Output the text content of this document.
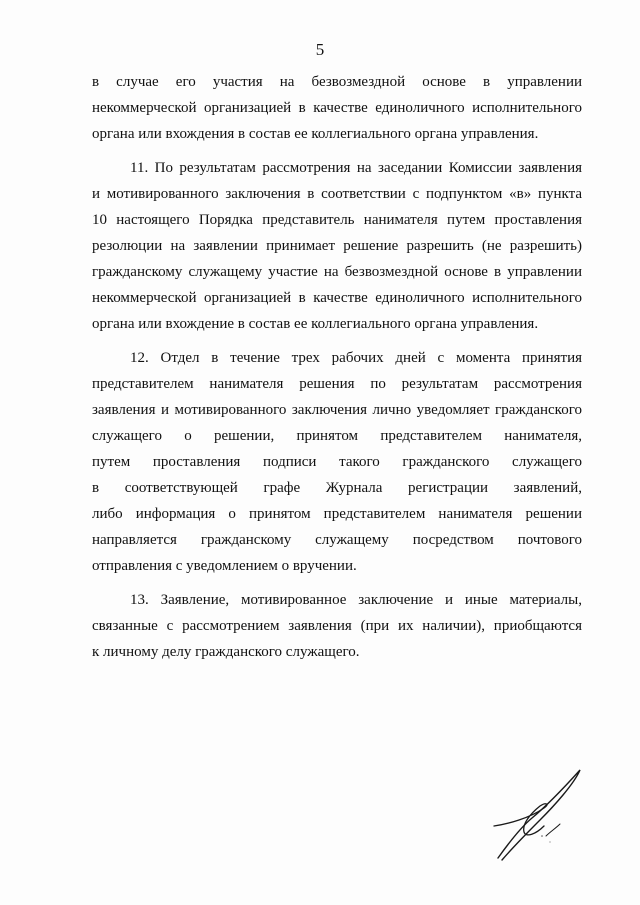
5
в случае его участия на безвозмездной основе в управлении
некоммерческой организацией в качестве единоличного исполнительного
органа или вхождения в состав ее коллегиального органа управления.
11. По результатам рассмотрения на заседании Комиссии заявления
и мотивированного заключения в соответствии с подпунктом «в» пункта
10 настоящего Порядка представитель нанимателя путем проставления
резолюции на заявлении принимает решение разрешить (не разрешить)
гражданскому служащему участие на безвозмездной основе в управлении
некоммерческой организацией в качестве единоличного исполнительного
органа или вхождение в состав ее коллегиального органа управления.
12. Отдел в течение трех рабочих дней с момента принятия
представителем нанимателя решения по результатам рассмотрения
заявления и мотивированного заключения лично уведомляет гражданского
служащего о решении, принятом представителем нанимателя,
путем проставления подписи такого гражданского служащего
в соответствующей графе Журнала регистрации заявлений,
либо информация о принятом представителем нанимателя решении
направляется гражданскому служащему посредством почтового
отправления с уведомлением о вручении.
13. Заявление, мотивированное заключение и иные материалы,
связанные с рассмотрением заявления (при их наличии), приобщаются
к личному делу гражданского служащего.
